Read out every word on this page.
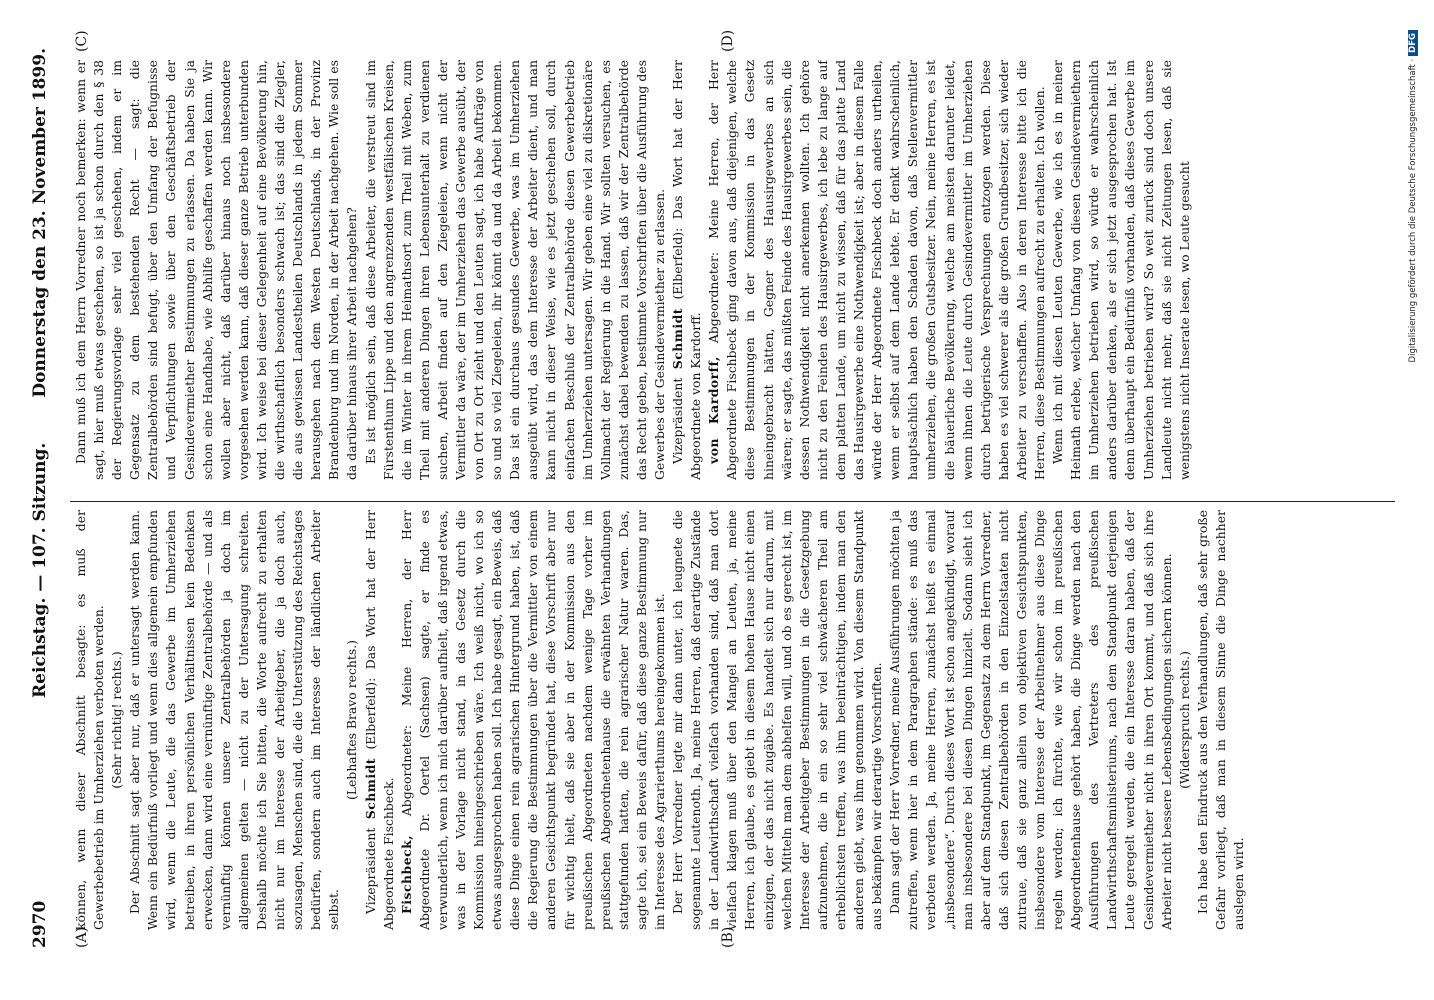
2970
Reichstag. — 107. Sitzung.
Donnerstag den 23. November 1899.
(A)	(B)
(C)	(D)

können, wenn dieser Abschnitt besagte: es muß der Gewerbebetrieb im Umherziehen verboten werden. (Sehr richtig! rechts.) Der Abschnitt sagt aber nur, daß er untersagt werden kann. Wenn ein Bedürfniß vorliegt und wenn dies allgemein empfunden wird, wenn die Leute, die das Gewerbe im Umherziehen betreiben, in ihren persönlichen Verhältnissen kein Bedenken erwecken, dann wird eine vernünftige Zentralbehörde — und als vernünftig können unsere Zentralbehörden ja doch im allgemeinen gelten — nicht zu der Untersagung schreiten. Deshalb möchte ich Sie bitten, die Worte aufrecht zu erhalten nicht nur im Interesse der Arbeitgeber, die ja doch auch, sozusagen, Menschen sind, die die Unterstützung des Reichstages bedürfen, sondern auch im Interesse der ländlichen Arbeiter selbst.

(Lebhaftes Bravo rechts.)

Vizepräsident Schmidt (Elberfeld): Das Wort hat der Herr Abgeordnete Fischbeck. Fischbeck, Abgeordneter: Meine Herren, der Herr Abgeordnete Dr. Oertel (Sachsen) sagte, er finde es verwunderlich, wenn ich mich darüber aufhielt, daß irgend etwas, was in der Vorlage nicht stand, in das Gesetz durch die Kommission hineingeschrieben wäre. Ich weiß nicht, wo ich so etwas ausgesprochen haben soll. Ich habe gesagt, ein Beweis, daß diese Dinge einen rein agrarischen Hintergrund haben, ist, daß die Regierung die Bestimmungen über die Vermittler von einem anderen Gesichtspunkt begründet hat, diese Vorschrift aber nur für wichtig hielt, daß sie aber in der Kommission aus den preußischen Abgeordneten nachdem wenige Tage vorher im preußischen Abgeordnetenhause die erwähnten Verhandlungen stattgefunden hatten, die rein agrarischer Natur waren. Das, sagte ich, sei ein Beweis dafür, daß diese ganze Bestimmung nur im Interesse des Agrarierthums hereingekommen ist. Der Herr Vorredner legte mir dann unter, ich leugnete die sogenannte Leutenoth. Ja, meine Herren, daß derartige Zustände in der Landwirthschaft vielfach vorhanden sind, daß man dort vielfach klagen muß über den Mangel an Leuten, ja, meine Herren, ich glaube, es giebt in diesem hohen Hause nicht einen einzigen, der das nicht zugäbe. Es handelt sich nur darum, mit welchen Mitteln man dem abhelfen will, und ob es gerecht ist, im Interesse der Arbeitgeber Bestimmungen in die Gesetzgebung aufzunehmen, die in ein so sehr viel schwächeren Theil am erheblichsten treffen, was ihm beeinträchtigen, indem man den anderen giebt, was ihm genommen wird. Von diesem Standpunkt aus bekämpfen wir derartige Vorschriften. Dann sagt der Herr Vorredner, meine Ausführungen möchten ja zutreffen, wenn hier in dem Paragraphen stände: es muß das verboten werden. Ja, meine Herren, zunächst heißt es einmal „insbesondere“. Durch dieses Wort ist schon angekündigt, worauf man insbesondere bei diesen Dingen hinzielt. Sodann sieht ich aber auf dem Standpunkt, im Gegensatz zu dem Herrn Vorredner, daß sich diesen Zentralbehörden in den Einzelstaaten nicht zutraue, daß sie ganz allein von objektiven Gesichtspunkten, insbesondere vom Interesse der Arbeitnehmer aus diese Dinge regeln werden; ich fürchte, wie wir schon im preußischen Abgeordnetenhause gehört haben, die Dinge werden nach den Ausführungen des Vertreters des preußischen Landwirthschaftsministeriums, nach dem Standpunkt derjenigen Leute geregelt werden, die ein Interesse daran haben, daß der Gesindevermiether nicht in ihren Ort kommt, und daß sich ihre Arbeiter nicht bessere Lebensbedingungen sichern können. (Widerspruch rechts.) Ich habe den Eindruck aus den Verhandlungen, daß sehr große Gefahr vorliegt, daß man in diesem Sinne die Dinge nachher auslegen wird.

Dann muß ich dem Herrn Vorredner noch bemerken: wenn er sagt, hier muß etwas geschehen, so ist ja schon durch den § 38 der Regierungsvorlage sehr viel geschehen, indem er im Gegensatz zu dem bestehenden Recht — sagt: die Zentralbehörden sind befugt, über den Umfang der Befugnisse und Verpflichtungen sowie über den Geschäftsbetrieb der Gesindevermiether Bestimmungen zu erlassen. Da haben Sie ja schon eine Handhabe, wie Abhilfe geschaffen werden kann. Wir wollen aber nicht, daß darüber hinaus noch insbesondere vorgesehen werden kann, daß dieser ganze Betrieb unterbunden wird. Ich weise bei dieser Gelegenheit auf eine Bevölkerung hin, die wirthschaftlich besonders schwach ist; das sind die Ziegler, die aus gewissen Landestheilen Deutschlands in jedem Sommer herausgehen nach dem Westen Deutschlands, in der Provinz Brandenburg und im Norden, in der Arbeit nachgehen. Wie soll es da darüber hinaus ihrer Arbeit nachgehen? Es ist möglich sein, daß diese Arbeiter, die verstreut sind im Fürstenthum Lippe und den angrenzenden westfälischen Kreisen, die im Winter in ihrem Heimathsort zum Theil mit Weben, zum Theil mit anderen Dingen ihren Lebensunterhalt zu verdienen suchen, Arbeit finden auf den Ziegeleien, wenn nicht der Vermittler da wäre, der im Umherziehen das Gewerbe ausübt, der von Ort zu Ort zieht und den Leuten sagt, ich habe Aufträge von so und so viel Ziegeleien, ihr könnt da und da Arbeit bekommen. Das ist ein durchaus gesundes Gewerbe, was im Umherziehen ausgeübt wird, das dem Interesse der Arbeiter dient, und man kann nicht in dieser Weise, wie es jetzt geschehen soll, durch einfachen Beschluß der Zentralbehörde diesen Gewerbebetrieb im Umherziehen untersagen. Wir geben eine viel zu diskretionäre Vollmacht der Regierung in die Hand. Wir sollten versuchen, es zunächst dabei bewenden zu lassen, daß wir der Zentralbehörde das Recht geben, bestimmte Vorschriften über die Ausführung des Gewerbes der Gesindevermiether zu erlassen. Vizepräsident Schmidt (Elberfeld): Das Wort hat der Herr Abgeordnete von Kardorff. von Kardorff, Abgeordneter: Meine Herren, der Herr Abgeordnete Fischbeck ging davon aus, daß diejenigen, welche diese Bestimmungen in der Kommission in das Gesetz hineingebracht hätten, Gegner des Hausirgewerbes an sich wären; er sagte, das müßten Feinde des Hausirgewerbes sein, die dessen Nothwendigkeit nicht anerkennen wollten. Ich gehöre nicht zu den Feinden des Hausirgewerbes, ich lebe zu lange auf dem platten Lande, um nicht zu wissen, daß für das platte Land das Hausirgewerbe eine Nothwendigkeit ist; aber in diesem Falle würde der Herr Abgeordnete Fischbeck doch anders urtheilen, wenn er selbst auf dem Lande lebte. Er denkt wahrscheinlich, hauptsächlich haben den Schaden davon, daß Stellenvermittler umherziehen, die großen Gutsbesitzer. Nein, meine Herren, es ist die bäuerliche Bevölkerung, welche am meisten darunter leidet, wenn ihnen die Leute durch Gesindevermittler im Umherziehen durch betrügerische Versprechungen entzogen werden. Diese haben es viel schwerer als die großen Grundbesitzer, sich wieder Arbeiter zu verschaffen. Also in deren Interesse bitte ich die Herren, diese Bestimmungen aufrecht zu erhalten. Ich wollen. Wenn ich mit diesen Leuten Gewerbe, wie ich es in meiner Heimath erlebe, welcher Umfang von diesen Gesindevermiethern im Umherziehen betrieben wird, so würde er wahrscheinlich anders darüber denken, als er sich jetzt ausgesprochen hat. Ist denn überhaupt ein Bedürfniß vorhanden, daß dieses Gewerbe im Umherziehen betrieben wird? So weit zurück sind doch unsere Landleute nicht mehr, daß sie nicht Zeitungen lesen, daß sie wenigstens nicht Inserate lesen, wo Leute gesucht	Digitalisierung gefördert durch die Deutsche Forschungsgemeinschaft ·DFG
